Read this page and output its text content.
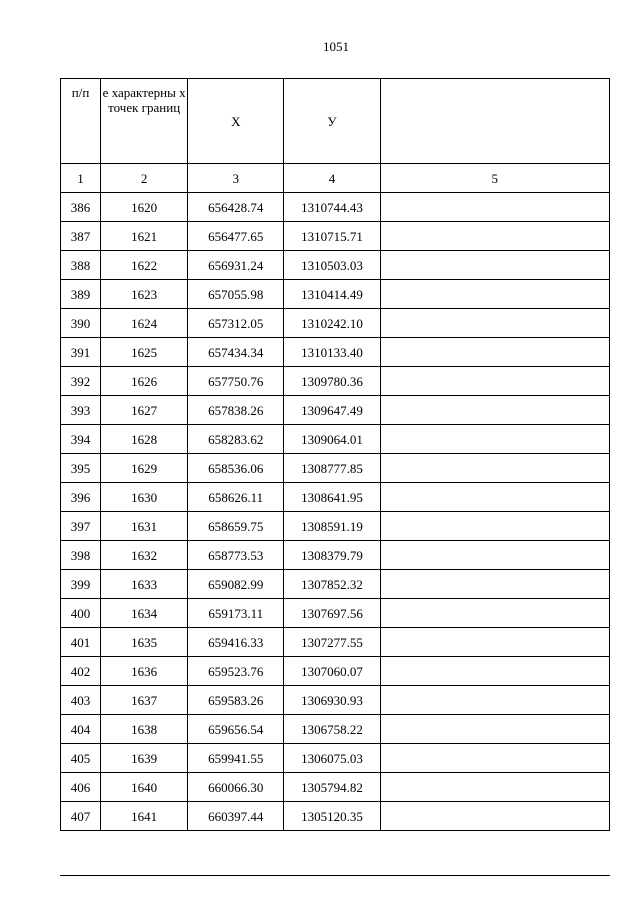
1051
п/п	е характерны х точек границ	Х	У	
1	2	3	4	5
386	1620	656428.74	1310744.43	
387	1621	656477.65	1310715.71	
388	1622	656931.24	1310503.03	
389	1623	657055.98	1310414.49	
390	1624	657312.05	1310242.10	
391	1625	657434.34	1310133.40	
392	1626	657750.76	1309780.36	
393	1627	657838.26	1309647.49	
394	1628	658283.62	1309064.01	
395	1629	658536.06	1308777.85	
396	1630	658626.11	1308641.95	
397	1631	658659.75	1308591.19	
398	1632	658773.53	1308379.79	
399	1633	659082.99	1307852.32	
400	1634	659173.11	1307697.56	
401	1635	659416.33	1307277.55	
402	1636	659523.76	1307060.07	
403	1637	659583.26	1306930.93	
404	1638	659656.54	1306758.22	
405	1639	659941.55	1306075.03	
406	1640	660066.30	1305794.82	
407	1641	660397.44	1305120.35	
